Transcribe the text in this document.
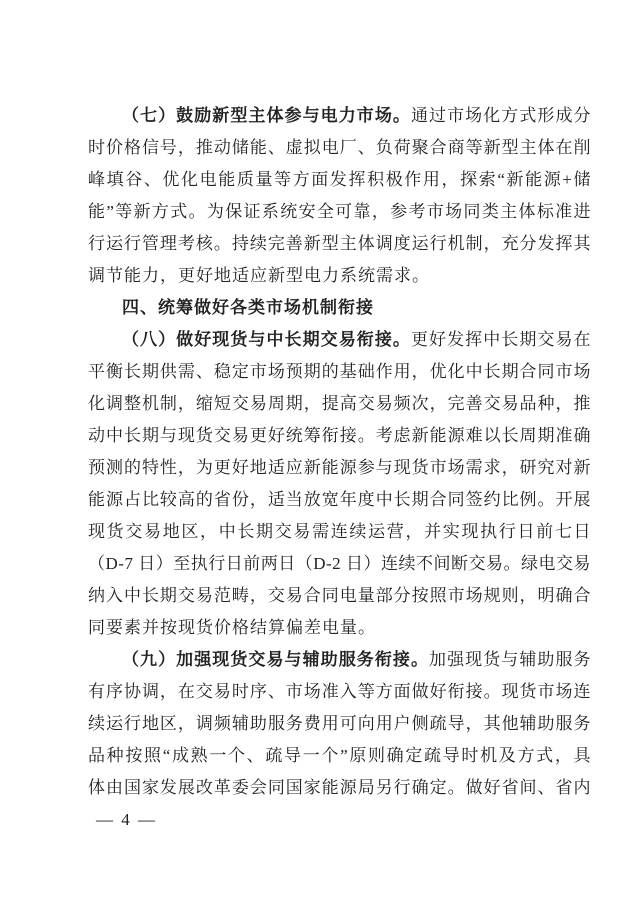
（七）鼓励新型主体参与电力市场。通过市场化方式形成分

时价格信号，推动储能、虚拟电厂、负荷聚合商等新型主体在削

峰填谷、优化电能质量等方面发挥积极作用，探索“新能源+储

能”等新方式。为保证系统安全可靠，参考市场同类主体标准进

行运行管理考核。持续完善新型主体调度运行机制，充分发挥其

调节能力，更好地适应新型电力系统需求。

四、统筹做好各类市场机制衔接

（八）做好现货与中长期交易衔接。更好发挥中长期交易在

平衡长期供需、稳定市场预期的基础作用，优化中长期合同市场

化调整机制，缩短交易周期，提高交易频次，完善交易品种，推

动中长期与现货交易更好统筹衔接。考虑新能源难以长周期准确

预测的特性，为更好地适应新能源参与现货市场需求，研究对新

能源占比较高的省份，适当放宽年度中长期合同签约比例。开展

现货交易地区，中长期交易需连续运营，并实现执行日前七日

（D-7 日）至执行日前两日（D-2 日）连续不间断交易。绿电交易

纳入中长期交易范畴，交易合同电量部分按照市场规则，明确合

同要素并按现货价格结算偏差电量。

（九）加强现货交易与辅助服务衔接。加强现货与辅助服务

有序协调，在交易时序、市场准入等方面做好衔接。现货市场连

续运行地区，调频辅助服务费用可向用户侧疏导，其他辅助服务

品种按照“成熟一个、疏导一个”原则确定疏导时机及方式，具

体由国家发展改革委会同国家能源局另行确定。做好省间、省内

— 4 —
